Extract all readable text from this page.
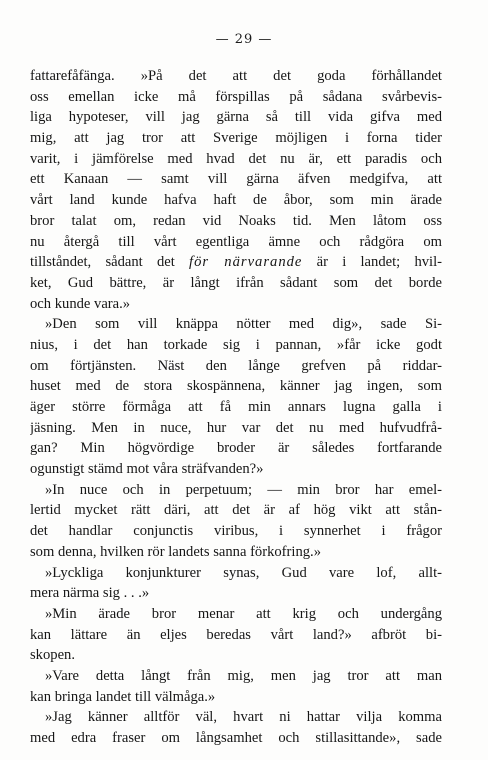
— 29 —
fattarefåfänga. »På det att det goda förhållandet
oss emellan icke må förspillas på sådana svårbevis-
liga hypoteser, vill jag gärna så till vida gifva med
mig, att jag tror att Sverige möjligen i forna tider
varit, i jämförelse med hvad det nu är, ett paradis och
ett Kanaan — samt vill gärna äfven medgifva, att
vårt land kunde hafva haft de åbor, som min ärade
bror talat om, redan vid Noaks tid. Men låtom oss
nu återgå till vårt egentliga ämne och rådgöra om
tillståndet, sådant det för närvarande är i landet; hvil-
ket, Gud bättre, är långt ifrån sådant som det borde
och kunde vara.»
»Den som vill knäppa nötter med dig», sade Si-
nius, i det han torkade sig i pannan, »får icke godt
om förtjänsten. Näst den långe grefven på riddar-
huset med de stora skospännena, känner jag ingen, som
äger större förmåga att få min annars lugna galla i
jäsning. Men in nuce, hur var det nu med hufvudfrå-
gan? Min högvördige broder är således fortfarande
ogunstigt stämd mot våra sträfvanden?»
»In nuce och in perpetuum; — min bror har emel-
lertid mycket rätt däri, att det är af hög vikt att stån-
det handlar conjunctis viribus, i synnerhet i frågor
som denna, hvilken rör landets sanna förkofring.»
»Lyckliga konjunkturer synas, Gud vare lof, allt-
mera närma sig . . .»
»Min ärade bror menar att krig och undergång
kan lättare än eljes beredas vårt land?» afbröt bi-
skopen.
»Vare detta långt från mig, men jag tror att man
kan bringa landet till välmåga.»
»Jag känner alltför väl, hvart ni hattar vilja komma
med edra fraser om långsamhet och stillasittande», sade
